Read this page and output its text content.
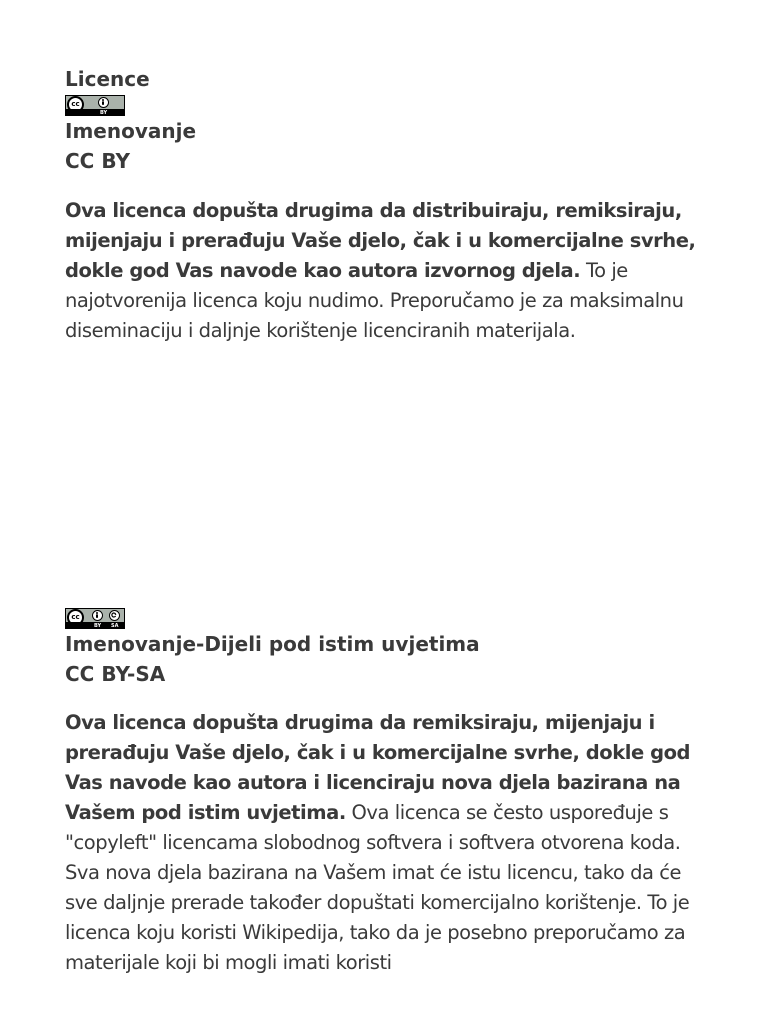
Licence
cc
BY
Imenovanje
CC BY
Ova licenca dopušta drugima da distribuiraju, remiksiraju, mijenjaju i prerađuju Vaše djelo, čak i u komercijalne svrhe, dokle god Vas navode kao autora izvornog djela. To je najotvorenija licenca koju nudimo. Preporučamo je za maksimalnu diseminaciju i daljnje korištenje licenciranih materijala.
cc
BY SA
Imenovanje-Dijeli pod istim uvjetima
CC BY-SA
Ova licenca dopušta drugima da remiksiraju, mijenjaju i prerađuju Vaše djelo, čak i u komercijalne svrhe, dokle god Vas navode kao autora i licenciraju nova djela bazirana na Vašem pod istim uvjetima. Ova licenca se često uspoređuje s "copyleft" licencama slobodnog softvera i softvera otvorena koda. Sva nova djela bazirana na Vašem imat će istu licencu, tako da će sve daljnje prerade također dopuštati komercijalno korištenje. To je licenca koju koristi Wikipedija, tako da je posebno preporučamo za materijale koji bi mogli imati koristi
